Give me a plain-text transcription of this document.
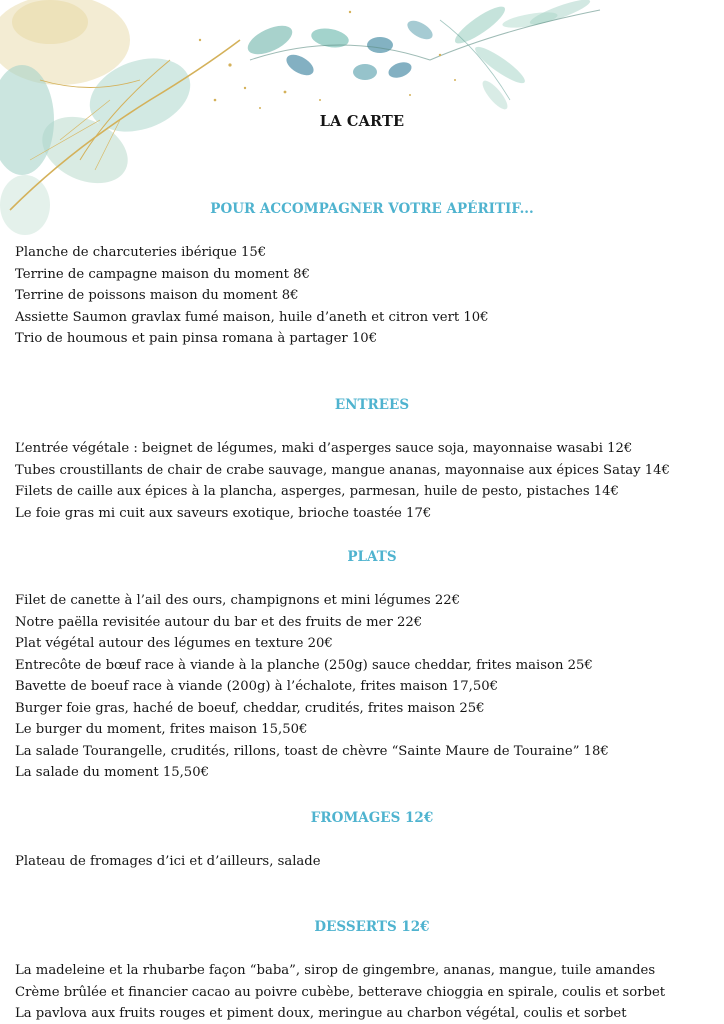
LA CARTE
POUR ACCOMPAGNER VOTRE APÉRITIF...
Planche de charcuteries ibérique 15€
Terrine de campagne maison du moment 8€
Terrine de poissons maison du moment 8€
Assiette Saumon gravlax fumé maison, huile d’aneth et citron vert 10€
Trio de houmous et pain pinsa romana à partager 10€
ENTREES
L’entrée végétale : beignet de légumes, maki d’asperges sauce soja, mayonnaise wasabi 12€
Tubes croustillants de chair de crabe sauvage, mangue ananas, mayonnaise aux épices Satay 14€
Filets de caille aux épices à la plancha, asperges, parmesan, huile de pesto, pistaches 14€
Le foie gras mi cuit aux saveurs exotique, brioche toastée 17€
PLATS
Filet de canette à l’ail des ours, champignons et mini légumes 22€
Notre paëlla revisitée autour du bar et des fruits de mer 22€
Plat végétal autour des légumes en texture 20€
Entrecôte de bœuf race à viande à la planche (250g) sauce cheddar, frites maison 25€
Bavette de boeuf race à viande (200g) à l’échalote, frites maison 17,50€
Burger foie gras, haché de boeuf, cheddar, crudités, frites maison 25€
Le burger du moment, frites maison 15,50€
La salade Tourangelle, crudités, rillons, toast de chèvre “Sainte Maure de Touraine” 18€
La salade du moment 15,50€
FROMAGES 12€
Plateau de fromages d’ici et d’ailleurs, salade
DESSERTS 12€
La madeleine et la rhubarbe façon “baba”, sirop de gingembre, ananas, mangue, tuile amandes
Crème brûlée et financier cacao au poivre cubèbe, betterave chioggia en spirale, coulis et sorbet
La pavlova aux fruits rouges et piment doux, meringue au charbon végétal, coulis et sorbet
